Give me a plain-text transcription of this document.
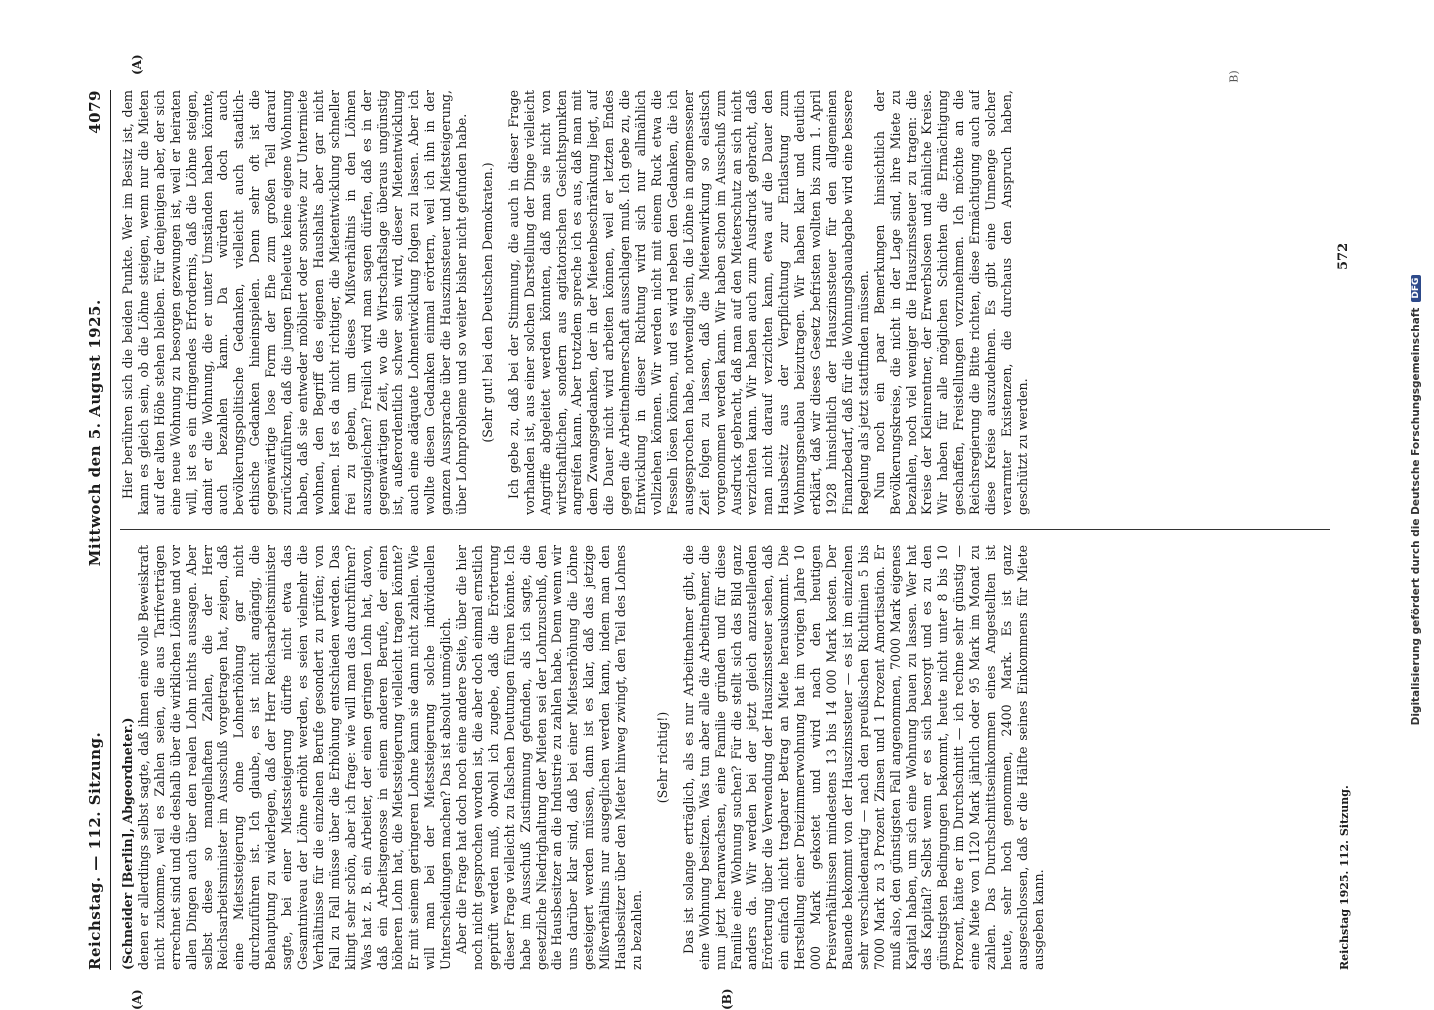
Reichstag. — 112. Sitzung.
Mittwoch den 5. August 1925.
4079
(A)	(B)
(A)

(Schneider [Berlin], Abgeordneter.) denen er allerdings selbst sagte, daß ihnen eine volle Beweiskraft nicht zukomme, weil es Zahlen seien, die aus Tarifverträgen errechnet sind und die deshalb über die wirklichen Löhne und vor allen Dingen auch über den realen Lohn nichts aussagen. Aber selbst diese so mangelhaften Zahlen, die der Herr Reichsarbeitsminister im Ausschuß vorgetragen hat, zeigen, daß eine Mietssteigerung ohne Lohnerhöhung gar nicht durchzuführen ist. Ich glaube, es ist nicht angängig, die Behauptung zu widerlegen, daß der Herr Reichsarbeitsminister sagte, bei einer Mietssteigerung dürfte nicht etwa das Gesamtniveau der Löhne erhöht werden, es seien vielmehr die Verhältnisse für die einzelnen Berufe gesondert zu prüfen; von Fall zu Fall müsse über die Erhöhung entschieden werden. Das klingt sehr schön, aber ich frage: wie will man das durchführen? Was hat z. B. ein Arbeiter, der einen geringen Lohn hat, davon, daß ein Arbeitsgenosse in einem anderen Berufe, der einen höheren Lohn hat, die Mietssteigerung vielleicht tragen könnte? Er mit seinem geringeren Lohne kann sie dann nicht zahlen. Wie will man bei der Mietssteigerung solche individuellen Unterscheidungen machen? Das ist absolut unmöglich. Aber die Frage hat doch noch eine andere Seite, über die hier noch nicht gesprochen worden ist, die aber doch einmal ernstlich geprüft werden muß, obwohl ich zugebe, daß die Erörterung dieser Frage vielleicht zu falschen Deutungen führen könnte. Ich habe im Ausschuß Zustimmung gefunden, als ich sagte, die gesetzliche Niedrighaltung der Mieten sei der Lohnzuschuß, den die Hausbesitzer an die Industrie zu zahlen habe. Denn wenn wir uns darüber klar sind, daß bei einer Mietserhöhung die Löhne gesteigert werden müssen, dann ist es klar, daß das jetzige Mißverhältnis nur ausgeglichen werden kann, indem man den Hausbesitzer über den Mieter hinweg zwingt, den Teil des Lohnes zu bezahlen.

(Sehr richtig!) Das ist solange erträglich, als es nur Arbeitnehmer gibt, die eine Wohnung besitzen. Was tun aber alle die Arbeitnehmer, die nun jetzt heranwachsen, eine Familie gründen und für diese Familie eine Wohnung suchen? Für die stellt sich das Bild ganz anders da. Wir werden bei der jetzt gleich anzustellenden Erörterung über die Verwendung der Hauszinssteuer sehen, daß ein einfach nicht tragbarer Betrag an Miete herauskommt. Die Herstellung einer Dreizimmerwohnung hat im vorigen Jahre 10 000 Mark gekostet und wird nach den heutigen Preisverhältnissen mindestens 13 bis 14 000 Mark kosten. Der Bauende bekommt von der Hauszinssteuer — es ist im einzelnen sehr verschiedenartig — nach den preußischen Richtlinien 5 bis 7000 Mark zu 3 Prozent Zinsen und 1 Prozent Amortisation. Er muß also, den günstigsten Fall angenommen, 7000 Mark eigenes Kapital haben, um sich eine Wohnung bauen zu lassen. Wer hat das Kapital? Selbst wenn er es sich besorgt und es zu den günstigsten Bedingungen bekommt, heute nicht unter 8 bis 10 Prozent, hätte er im Durchschnitt — ich rechne sehr günstig — eine Miete von 1120 Mark jährlich oder 95 Mark im Monat zu zahlen. Das Durchschnittseinkommen eines Angestellten ist heute, sehr hoch genommen, 2400 Mark. Es ist ganz ausgeschlossen, daß er die Hälfte seines Einkommens für Miete ausgeben kann.

Hier berühren sich die beiden Punkte. Wer im Besitz ist, dem kann es gleich sein, ob die Löhne steigen, wenn nur die Mieten auf der alten Höhe stehen bleiben. Für denjenigen aber, der sich eine neue Wohnung zu besorgen gezwungen ist, weil er heiraten will, ist es ein dringendes Erfordernis, daß die Löhne steigen, damit er die Wohnung, die er unter Umständen haben könnte, auch bezahlen kann. Da würden doch auch bevölkerungspolitische Gedanken, vielleicht auch staatlich-ethische Gedanken hineinspielen. Denn sehr oft ist die gegenwärtige lose Form der Ehe zum großen Teil darauf zurückzuführen, daß die jungen Eheleute keine eigene Wohnung haben, daß sie entweder möbliert oder sonstwie zur Untermiete wohnen, den Begriff des eigenen Haushalts aber gar nicht kennen. Ist es da nicht richtiger, die Mietentwicklung schneller frei zu geben, um dieses Mißverhältnis in den Löhnen auszugleichen? Freilich wird man sagen dürfen, daß es in der gegenwärtigen Zeit, wo die Wirtschaftslage überaus ungünstig ist, außerordentlich schwer sein wird, dieser Mietentwicklung auch eine adäquate Lohnentwicklung folgen zu lassen. Aber ich wollte diesen Gedanken einmal erörtern, weil ich ihn in der ganzen Aussprache über die Hauszinssteuer und Mietsteigerung, über Lohnprobleme und so weiter bisher nicht gefunden habe. (Sehr gut! bei den Deutschen Demokraten.) Ich gebe zu, daß bei der Stimmung, die auch in dieser Frage vorhanden ist, aus einer solchen Darstellung der Dinge vielleicht Angriffe abgeleitet werden könnten, daß man sie nicht von wirtschaftlichen, sondern aus agitatorischen Gesichtspunkten angreifen kann. Aber trotzdem spreche ich es aus, daß man mit dem Zwangsgedanken, der in der Mietenbeschränkung liegt, auf die Dauer nicht wird arbeiten können, weil er letzten Endes gegen die Arbeitnehmerschaft ausschlagen muß. Ich gebe zu, die Entwicklung in dieser Richtung wird sich nur allmählich vollziehen können. Wir werden nicht mit einem Ruck etwa die Fesseln lösen können, und es wird neben den Gedanken, die ich ausgesprochen habe, notwendig sein, die Löhne in angemessener Zeit folgen zu lassen, daß die Mietenwirkung so elastisch vorgenommen werden kann. Wir haben schon im Ausschuß zum Ausdruck gebracht, daß man auf den Mieterschutz an sich nicht verzichten kann. Wir haben auch zum Ausdruck gebracht, daß man nicht darauf verzichten kann, etwa auf die Dauer den Hausbesitz aus der Verpflichtung zur Entlastung zum Wohnungsneubau beizutragen. Wir haben klar und deutlich erklärt, daß wir dieses Gesetz befristen wollten bis zum 1. April 1928 hinsichtlich der Hauszinssteuer für den allgemeinen Finanzbedarf, daß für die Wohnungsbauabgabe wird eine bessere Regelung als jetzt stattfinden müssen. Nun noch ein paar Bemerkungen hinsichtlich der Bevölkerungskreise, die nicht in der Lage sind, ihre Miete zu bezahlen, noch viel weniger die Hauszinssteuer zu tragen: die Kreise der Kleinrentner, der Erwerbslosen und ähnliche Kreise. Wir haben für alle möglichen Schichten die Ermächtigung geschaffen, Freistellungen vorzunehmen. Ich möchte an die Reichsregierung die Bitte richten, diese Ermächtigung auch auf diese Kreise auszudehnen. Es gibt eine Unmenge solcher verarmter Existenzen, die durchaus den Anspruch haben, geschützt zu werden.

Reichstag 1925. 112. Sitzung.
572
B)
Digitalisierung gefördert durch die Deutsche Forschungsgemeinschaft
DFG
